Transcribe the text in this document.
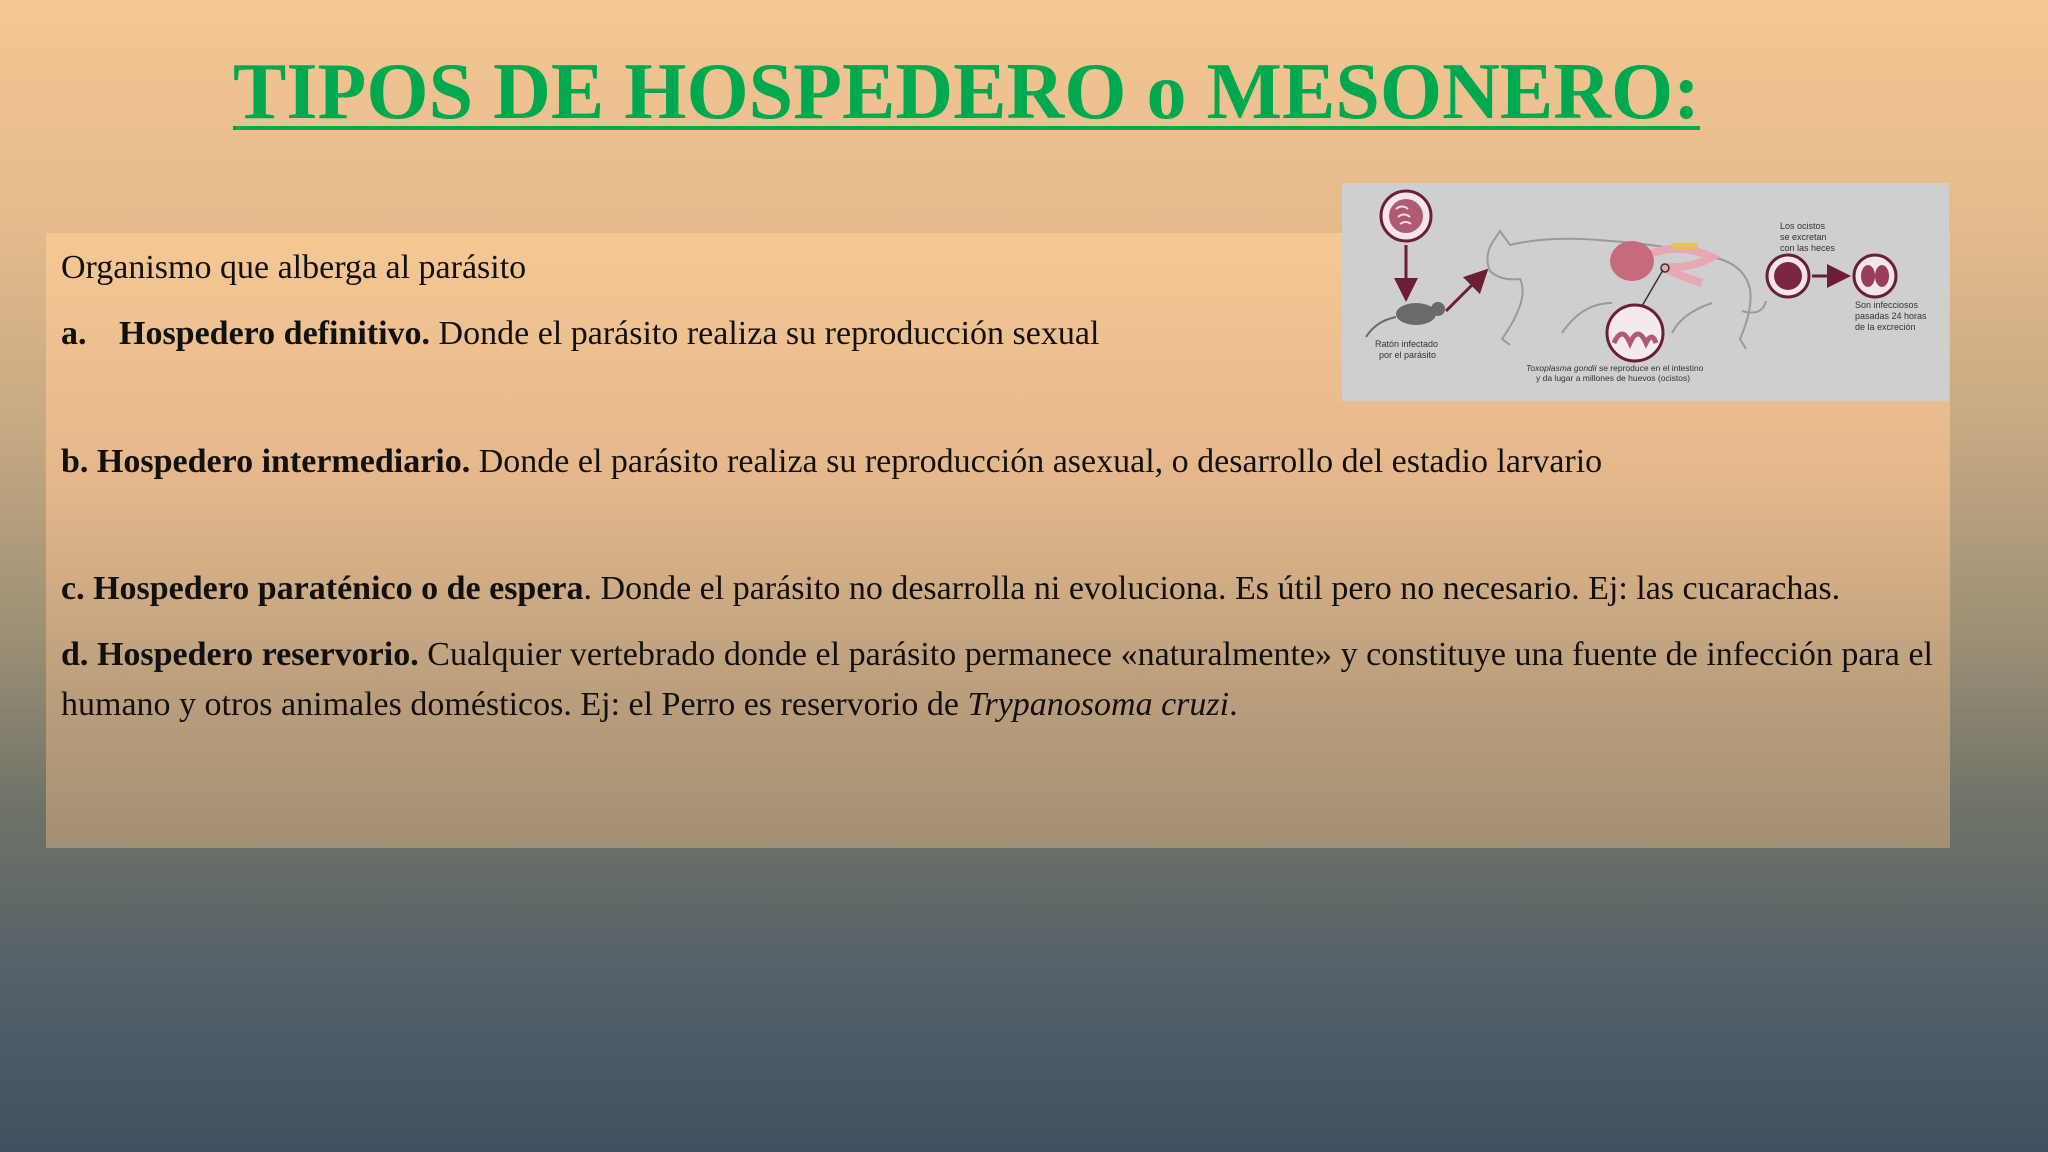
TIPOS DE HOSPEDERO o MESONERO:

Organismo que alberga al parásito

a. Hospedero definitivo. Donde el parásito realiza su reproducción sexual

b. Hospedero intermediario. Donde el parásito realiza su reproducción asexual, o desarrollo del estadio larvario

c. Hospedero paraténico o de espera. Donde el parásito no desarrolla ni evoluciona. Es útil pero no necesario. Ej: las cucarachas.

d. Hospedero reservorio. Cualquier vertebrado donde el parásito permanece «naturalmente» y constituye una fuente de infección para el humano y otros animales domésticos. Ej: el Perro es reservorio de Trypanosoma cruzi.

Ratón infectado
por el parásito
Toxoplasma gondii se reproduce en el intestino
y da lugar a millones de huevos (ocistos)
Los ocistos
se excretan
con las heces
Son infecciosos
pasadas 24 horas
de la excreción
